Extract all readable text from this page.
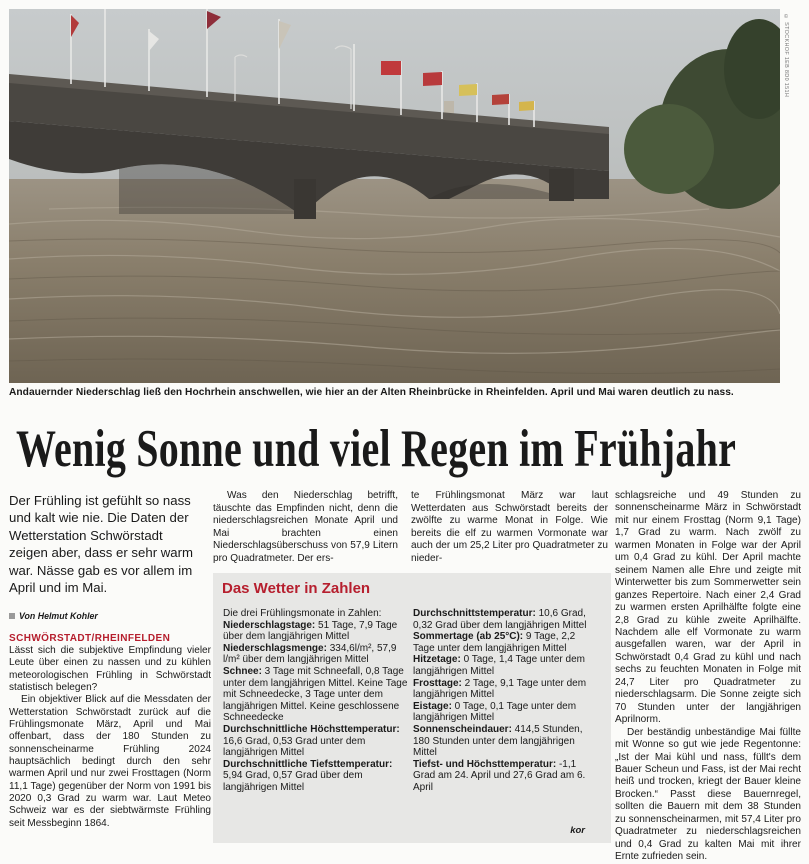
© STOCKHOF 1EB 8D0 151H
Andauernder Niederschlag ließ den Hochrhein anschwellen, wie hier an der Alten Rheinbrücke in Rheinfelden. April und Mai waren deutlich zu nass.
Wenig Sonne und viel Regen im Frühjahr
Der Frühling ist gefühlt so nass und kalt wie nie. Die Daten der Wetterstation Schwörstadt zeigen aber, dass er sehr warm war. Nässe gab es vor allem im April und im Mai.
Von Helmut Kohler
SCHWÖRSTADT/RHEINFELDEN

Lässt sich die subjektive Empfindung vieler Leute über einen zu nassen und zu kühlen meteorologischen Frühling in Schwörstadt statistisch belegen?

Ein objektiver Blick auf die Messdaten der Wetterstation Schwörstadt zurück auf die Frühlingsmonate März, April und Mai offenbart, dass der 180 Stunden zu sonnenscheinarme Frühling 2024 hauptsächlich bedingt durch den sehr warmen April und nur zwei Frosttagen (Norm 11,1 Tage) gegenüber der Norm von 1991 bis 2020 0,3 Grad zu warm war. Laut Meteo Schweiz war es der siebtwärmste Frühling seit Messbeginn 1864.

Was den Niederschlag betrifft, täuschte das Empfinden nicht, denn die niederschlagsreichen Monate April und Mai brachten einen Niederschlagsüberschuss von 57,9 Litern pro Quadratmeter. Der ers-
te Frühlingsmonat März war laut Wetterdaten aus Schwörstadt bereits der zwölfte zu warme Monat in Folge. Wie bereits die elf zu warmen Vormonate war auch der um 25,2 Liter pro Quadratmeter zu nieder-
Das Wetter in Zahlen

Die drei Frühlingsmonate in Zahlen:

Niederschlagstage: 51 Tage, 7,9 Tage über dem langjährigen Mittel

Niederschlagsmenge: 334,6l/m², 57,9 l/m² über dem langjährigen Mittel

Schnee: 3 Tage mit Schneefall, 0,8 Tage unter dem langjährigen Mittel. Keine Tage mit Schneedecke, 3 Tage unter dem langjährigen Mittel. Keine geschlossene Schneedecke

Durchschnittliche Höchsttemperatur: 16,6 Grad, 0,53 Grad unter dem langjährigen Mittel

Durchschnittliche Tiefsttemperatur: 5,94 Grad, 0,57 Grad über dem langjährigen Mittel

Durchschnittstemperatur: 10,6 Grad, 0,32 Grad über dem langjährigen Mittel

Sommertage (ab 25°C): 9 Tage, 2,2 Tage unter dem langjährigen Mittel

Hitzetage: 0 Tage, 1,4 Tage unter dem langjährigen Mittel

Frosttage: 2 Tage, 9,1 Tage unter dem langjährigen Mittel

Eistage: 0 Tage, 0,1 Tage unter dem langjährigen Mittel

Sonnenscheindauer: 414,5 Stunden, 180 Stunden unter dem langjährigen Mittel

Tiefst- und Höchsttemperatur: -1,1 Grad am 24. April und 27,6 Grad am 6. April

kor

schlagsreiche und 49 Stunden zu sonnenscheinarme März in Schwörstadt mit nur einem Frosttag (Norm 9,1 Tage) 1,7 Grad zu warm. Nach zwölf zu warmen Monaten in Folge war der April um 0,4 Grad zu kühl. Der April machte seinem Namen alle Ehre und zeigte mit Winterwetter bis zum Sommerwetter sein ganzes Repertoire. Nach einer 2,4 Grad zu warmen ersten Aprilhälfte folgte eine 2,8 Grad zu kühle zweite Aprilhälfte. Nachdem alle elf Vormonate zu warm ausgefallen waren, war der April in Schwörstadt 0,4 Grad zu kühl und nach sechs zu feuchten Monaten in Folge mit 24,7 Liter pro Quadratmeter zu niederschlagsarm. Die Sonne zeigte sich 70 Stunden unter der langjährigen Aprilnorm.

Der beständig unbeständige Mai füllte mit Wonne so gut wie jede Regentonne: „Ist der Mai kühl und nass, füllt's dem Bauer Scheun und Fass, ist der Mai recht heiß und trocken, kriegt der Bauer kleine Brocken.“ Passt diese Bauernregel, sollten die Bauern mit dem 38 Stunden zu sonnenscheinarmen, mit 57,4 Liter pro Quadratmeter zu niederschlagsreichen und 0,4 Grad zu kalten Mai mit ihrer Ernte zufrieden sein.
